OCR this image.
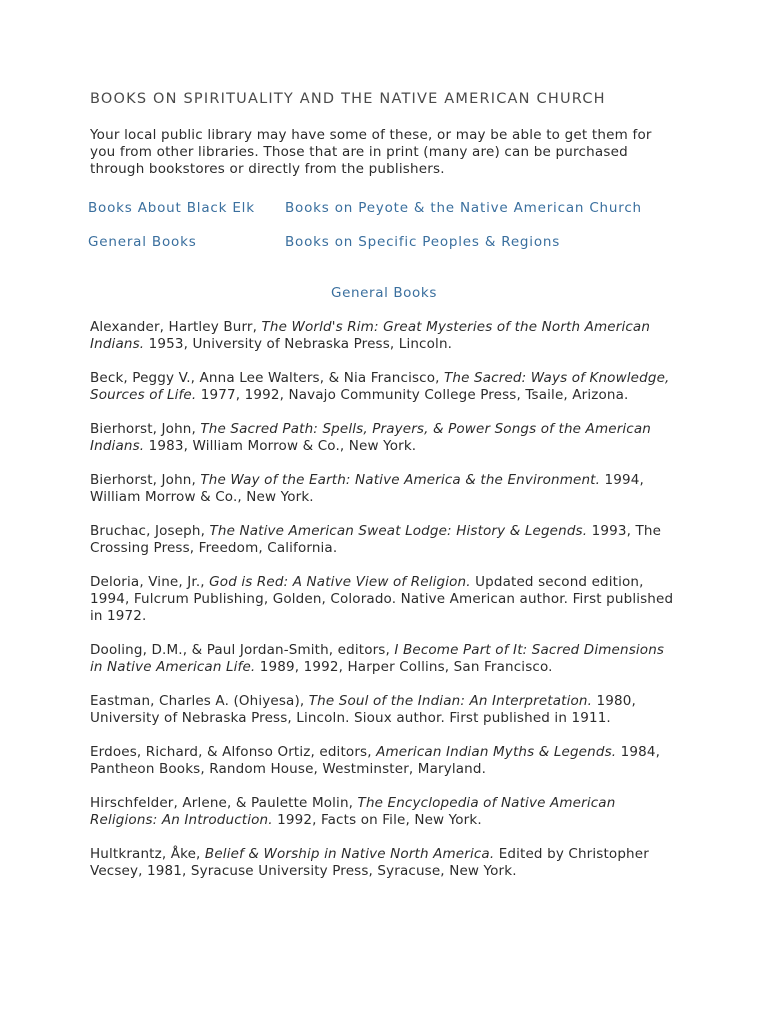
BOOKS ON SPIRITUALITY AND THE NATIVE AMERICAN CHURCH
Your local public library may have some of these, or may be able to get them for you from other libraries. Those that are in print (many are) can be purchased through bookstores or directly from the publishers.
Books About Black Elk Books on Peyote & the Native American Church
General Books	Books on Specific Peoples & Regions
General Books

Alexander, Hartley Burr, The World's Rim: Great Mysteries of the North American Indians. 1953, University of Nebraska Press, Lincoln.

Beck, Peggy V., Anna Lee Walters, & Nia Francisco, The Sacred: Ways of Knowledge, Sources of Life. 1977, 1992, Navajo Community College Press, Tsaile, Arizona.

Bierhorst, John, The Sacred Path: Spells, Prayers, & Power Songs of the American Indians. 1983, William Morrow & Co., New York.

Bierhorst, John, The Way of the Earth: Native America & the Environment. 1994, William Morrow & Co., New York.

Bruchac, Joseph, The Native American Sweat Lodge: History & Legends. 1993, The Crossing Press, Freedom, California.

Deloria, Vine, Jr., God is Red: A Native View of Religion. Updated second edition, 1994, Fulcrum Publishing, Golden, Colorado. Native American author. First published in 1972.

Dooling, D.M., & Paul Jordan-Smith, editors, I Become Part of It: Sacred Dimensions in Native American Life. 1989, 1992, Harper Collins, San Francisco.

Eastman, Charles A. (Ohiyesa), The Soul of the Indian: An Interpretation. 1980, University of Nebraska Press, Lincoln. Sioux author. First published in 1911.

Erdoes, Richard, & Alfonso Ortiz, editors, American Indian Myths & Legends. 1984, Pantheon Books, Random House, Westminster, Maryland.

Hirschfelder, Arlene, & Paulette Molin, The Encyclopedia of Native American Religions: An Introduction. 1992, Facts on File, New York.

Hultkrantz, Åke, Belief & Worship in Native North America. Edited by Christopher Vecsey, 1981, Syracuse University Press, Syracuse, New York.
